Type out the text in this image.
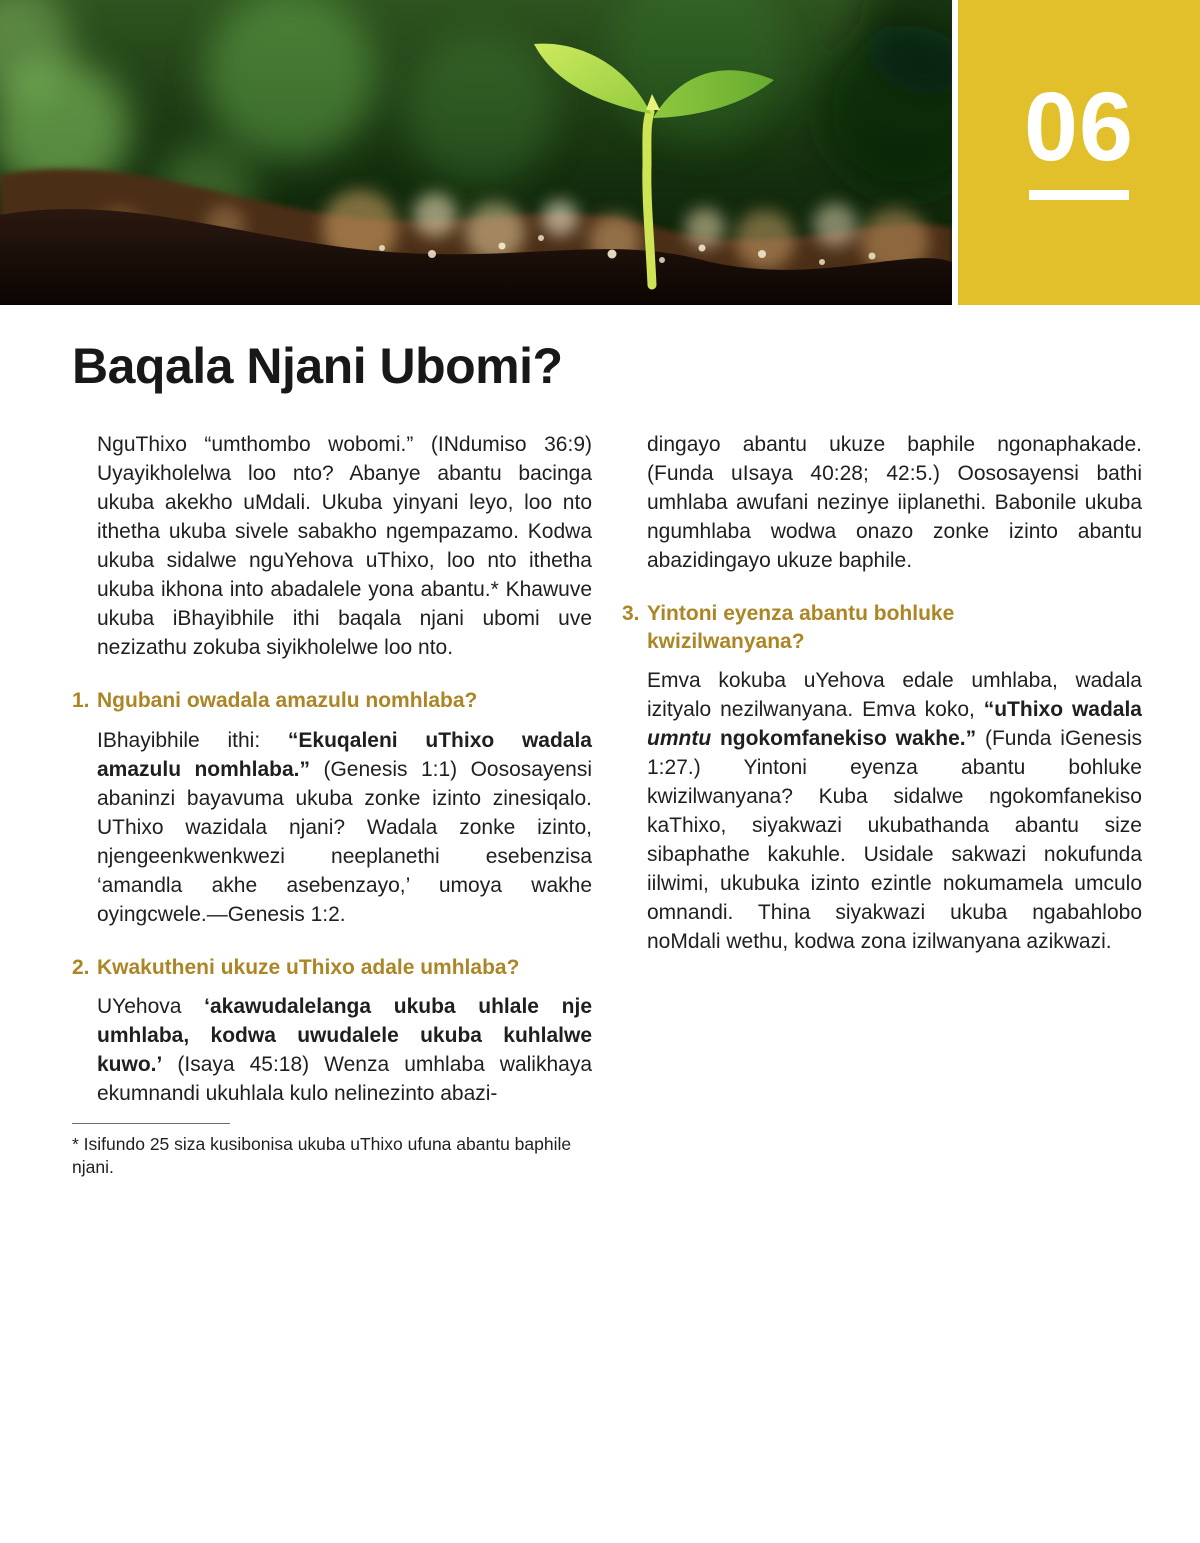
06
Baqala Njani Ubomi?

NguThixo “umthombo wobomi.” (INdumiso 36:9) Uyayikholelwa loo nto? Abanye abantu bacinga ukuba akekho uMdali. Ukuba yinyani leyo, loo nto ithetha ukuba sivele sabakho ngempazamo. Kodwa ukuba sidalwe nguYehova uThixo, loo nto ithetha ukuba ikhona into abadalele yona abantu.* Khawuve ukuba iBhayibhile ithi baqala njani ubomi uve nezizathu zokuba siyikholelwe loo nto.

1. Ngubani owadala amazulu nomhlaba?

IBhayibhile ithi: “Ekuqaleni uThixo wadala amazulu nomhlaba.” (Genesis 1:1) Oososayensi abaninzi bayavuma ukuba zonke izinto zinesiqalo. UThixo wazidala njani? Wadala zonke izinto, njengeenkwenkwezi neeplanethi esebenzisa ‘amandla akhe asebenzayo,’ umoya wakhe oyingcwele.—Genesis 1:2.

2. Kwakutheni ukuze uThixo adale umhlaba?

UYehova ‘akawudalelanga ukuba uhlale nje umhlaba, kodwa uwudalele ukuba kuhlalwe kuwo.’ (Isaya 45:18) Wenza umhlaba walikhaya ekumnandi ukuhlala kulo nelinezinto abazi-

* Isifundo 25 siza kusibonisa ukuba uThixo ufuna abantu baphile njani.

dingayo abantu ukuze baphile ngonaphakade. (Funda uIsaya 40:28; 42:5.) Oososayensi bathi umhlaba awufani nezinye iiplanethi. Babonile ukuba ngumhlaba wodwa onazo zonke izinto abantu abazidingayo ukuze baphile.

3. Yintoni eyenza abantu bohluke kwizilwanyana?

Emva kokuba uYehova edale umhlaba, wadala izityalo nezilwanyana. Emva koko, “uThixo wadala umntu ngokomfanekiso wakhe.” (Funda iGenesis 1:27.) Yintoni eyenza abantu bohluke kwizilwanyana? Kuba sidalwe ngokomfanekiso kaThixo, siyakwazi ukubathanda abantu size sibaphathe kakuhle. Usidale sakwazi nokufunda iilwimi, ukubuka izinto ezintle nokumamela umculo omnandi. Thina siyakwazi ukuba ngabahlobo noMdali wethu, kodwa zona izilwanyana azikwazi.
